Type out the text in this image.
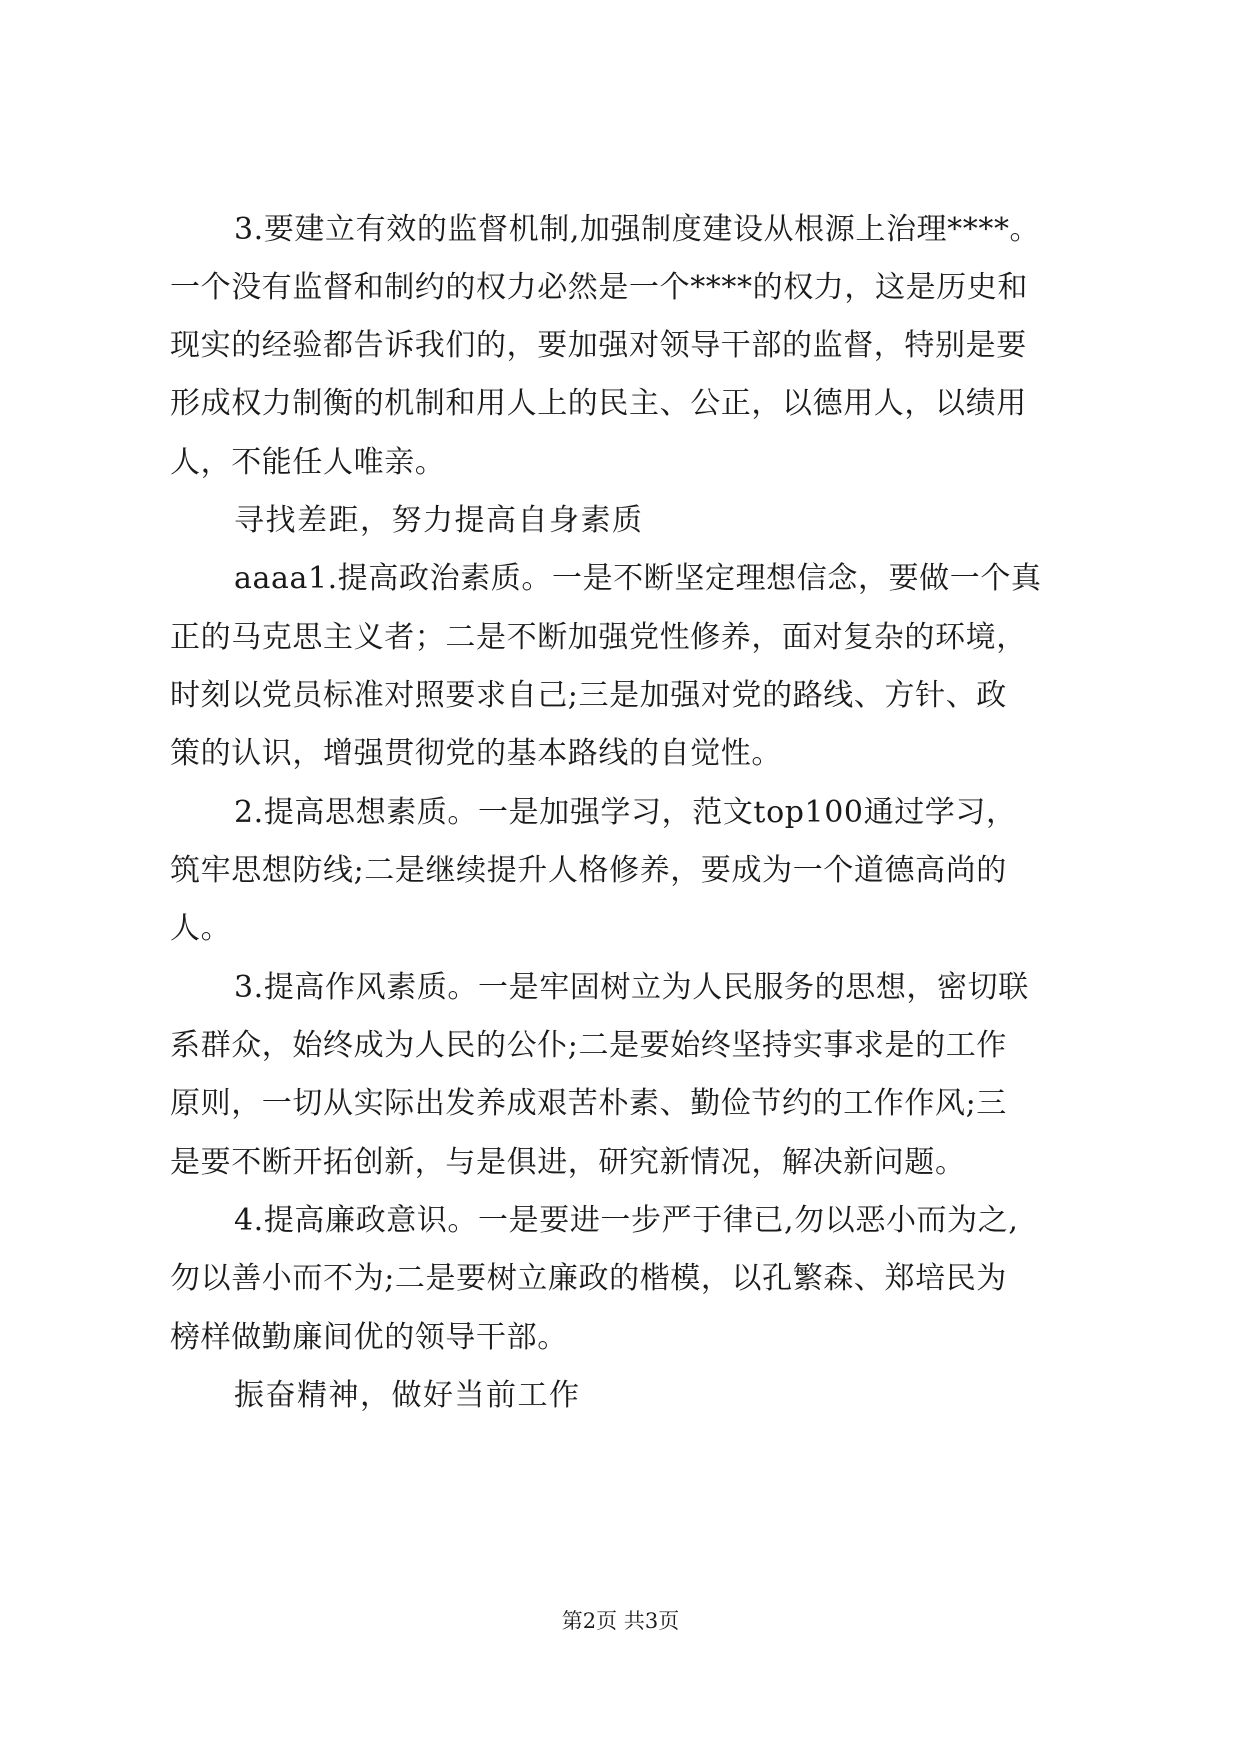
3.要建立有效的监督机制,加强制度建设从根源上治理****。
一个没有监督和制约的权力必然是一个****的权力，这是历史和
现实的经验都告诉我们的，要加强对领导干部的监督，特别是要
形成权力制衡的机制和用人上的民主、公正，以德用人，以绩用
人，不能任人唯亲。
寻找差距，努力提高自身素质
aaaa1.提高政治素质。一是不断坚定理想信念，要做一个真
正的马克思主义者；二是不断加强党性修养，面对复杂的环境，
时刻以党员标准对照要求自己;三是加强对党的路线、方针、政
策的认识，增强贯彻党的基本路线的自觉性。
2.提高思想素质。一是加强学习，范文top100通过学习，
筑牢思想防线;二是继续提升人格修养，要成为一个道德高尚的
人。
3.提高作风素质。一是牢固树立为人民服务的思想，密切联
系群众，始终成为人民的公仆;二是要始终坚持实事求是的工作
原则，一切从实际出发养成艰苦朴素、勤俭节约的工作作风;三
是要不断开拓创新，与是俱进，研究新情况，解决新问题。
4.提高廉政意识。一是要进一步严于律已,勿以恶小而为之,
勿以善小而不为;二是要树立廉政的楷模，以孔繁森、郑培民为
榜样做勤廉间优的领导干部。
振奋精神，做好当前工作
第2页 共3页
